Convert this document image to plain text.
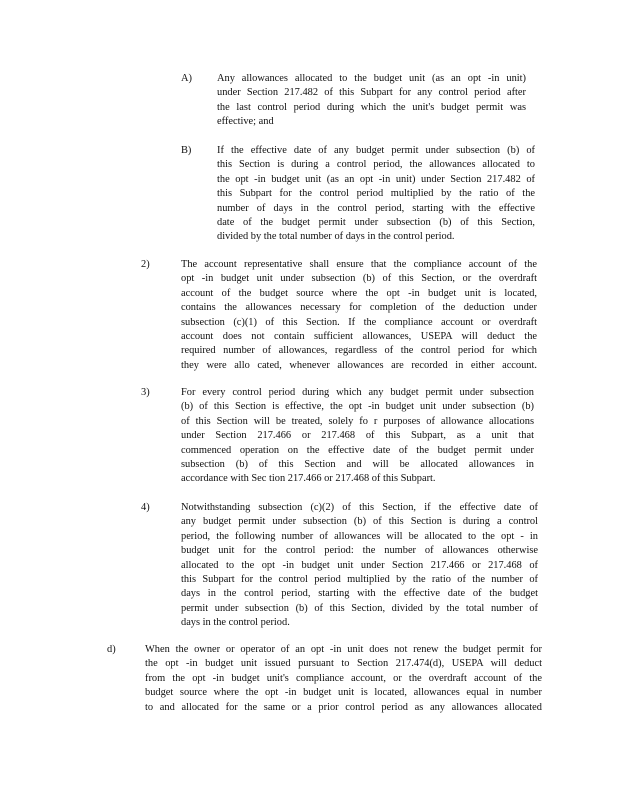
A) Any allowances allocated to the budget unit (as an opt -in unit)
under Section 217.482 of this Subpart for any control period after
the last control period during which the unit's budget permit was
effective; and
B) If the effective date of any budget permit under subsection (b) of
this Section is during a control period, the allowances allocated to
the opt -in budget unit (as an opt -in unit) under Section 217.482 of
this Subpart for the control period multiplied by the ratio of the
number of days in the control period, starting with the effective
date of the budget permit under subsection (b) of this Section,
divided by the total number of days in the control period.
2)	The account representative shall ensure that the compliance account of the
opt -in budget unit under subsection (b) of this Section, or the overdraft
account of the budget source where the opt -in budget unit is located,
contains the allowances necessary for completion of the deduction under
subsection (c)(1) of this Section. If the compliance account or overdraft
account does not contain sufficient allowances, USEPA will deduct the
required number of allowances, regardless of the control period for which
they were allo cated, whenever allowances are recorded in either account.
3)	For every control period during which any budget permit under subsection
(b) of this Section is effective, the opt -in budget unit under subsection (b)
of this Section will be treated, solely fo r purposes of allowance allocations
under Section 217.466 or 217.468 of this Subpart, as a unit that
commenced operation on the effective date of the budget permit under
subsection (b) of this Section and will be allocated allowances in
accordance with Sec tion 217.466 or 217.468 of this Subpart.
4)	Notwithstanding subsection (c)(2) of this Section, if the effective date of
any budget permit under subsection (b) of this Section is during a control
period, the following number of allowances will be allocated to the opt - in
budget unit for the control period: the number of allowances otherwise
allocated to the opt -in budget unit under Section 217.466 or 217.468 of
this Subpart for the control period multiplied by the ratio of the number of
days in the control period, starting with the effective date of the budget
permit under subsection (b) of this Section, divided by the total number of
days in the control period.
d)	When the owner or operator of an opt -in unit does not renew the budget permit for
the opt -in budget unit issued pursuant to Section 217.474(d), USEPA will deduct
from the opt -in budget unit's compliance account, or the overdraft account of the
budget source where the opt -in budget unit is located, allowances equal in number
to and allocated for the same or a prior control period as any allowances allocated
